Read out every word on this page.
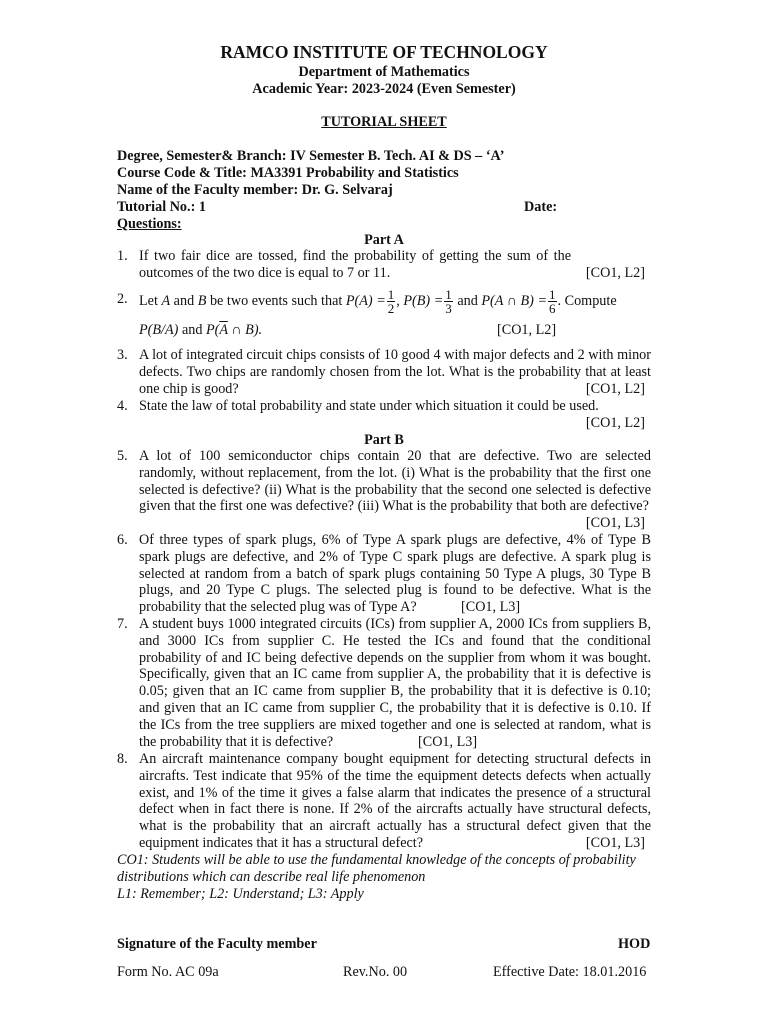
RAMCO INSTITUTE OF TECHNOLOGY
Department of Mathematics
Academic Year: 2023-2024 (Even Semester)
TUTORIAL SHEET
Degree, Semester& Branch: IV Semester B. Tech. AI & DS – ‘A’
Course Code & Title: MA3391 Probability and Statistics
Name of the Faculty member: Dr. G. Selvaraj
Tutorial No.: 1	Date:
Questions:
Part A
1. If two fair dice are tossed, find the probability of getting the sum of the outcomes of the two dice is equal to 7 or 11.	[CO1, L2]
2. Let A and B be two events such that $P(A) = \frac{1}{2}$ , $P(B) = \frac{1}{3}$ and P(A ∩ $B) = \frac{1}{6}$ . Compute
P(B/A) and $P(\overline{A}$ ∩ B).	[CO1, L2]
3. A lot of integrated circuit chips consists of 10 good 4 with major defects and 2 with minor defects. Two chips are randomly chosen from the lot. What is the probability that at least one chip is good?	[CO1, L2]
4. State the law of total probability and state under which situation it could be used.
[CO1, L2]
Part B
5. A lot of 100 semiconductor chips contain 20 that are defective. Two are selected randomly, without replacement, from the lot. (i) What is the probability that the first one selected is defective? (ii) What is the probability that the second one selected is defective given that the first one was defective? (iii) What is the probability that both are defective?
[CO1, L3]
6. Of three types of spark plugs, 6% of Type A spark plugs are defective, 4% of Type B spark plugs are defective, and 2% of Type C spark plugs are defective. A spark plug is selected at random from a batch of spark plugs containing 50 Type A plugs, 30 Type B plugs, and 20 Type C plugs. The selected plug is found to be defective. What is the probability that the selected plug was of Type A?	[CO1, L3]
7. A student buys 1000 integrated circuits (ICs) from supplier A, 2000 ICs from suppliers B, and 3000 ICs from supplier C. He tested the ICs and found that the conditional probability of and IC being defective depends on the supplier from whom it was bought. Specifically, given that an IC came from supplier A, the probability that it is defective is 0.05; given that an IC came from supplier B, the probability that it is defective is 0.10; and given that an IC came from supplier C, the probability that it is defective is 0.10. If the ICs from the tree suppliers are mixed together and one is selected at random, what is the probability that it is defective?	[CO1, L3]
8. An aircraft maintenance company bought equipment for detecting structural defects in aircrafts. Test indicate that 95% of the time the equipment detects defects when actually exist, and 1% of the time it gives a false alarm that indicates the presence of a structural defect when in fact there is none. If 2% of the aircrafts actually have structural defects, what is the probability that an aircraft actually has a structural defect given that the equipment indicates that it has a structural defect?	[CO1, L3]
CO1: Students will be able to use the fundamental knowledge of the concepts of probability distributions which can describe real life phenomenon
L1: Remember; L2: Understand; L3: Apply
Signature of the Faculty member	HOD
Form No. AC 09a	Rev.No. 00	Effective Date: 18.01.2016
